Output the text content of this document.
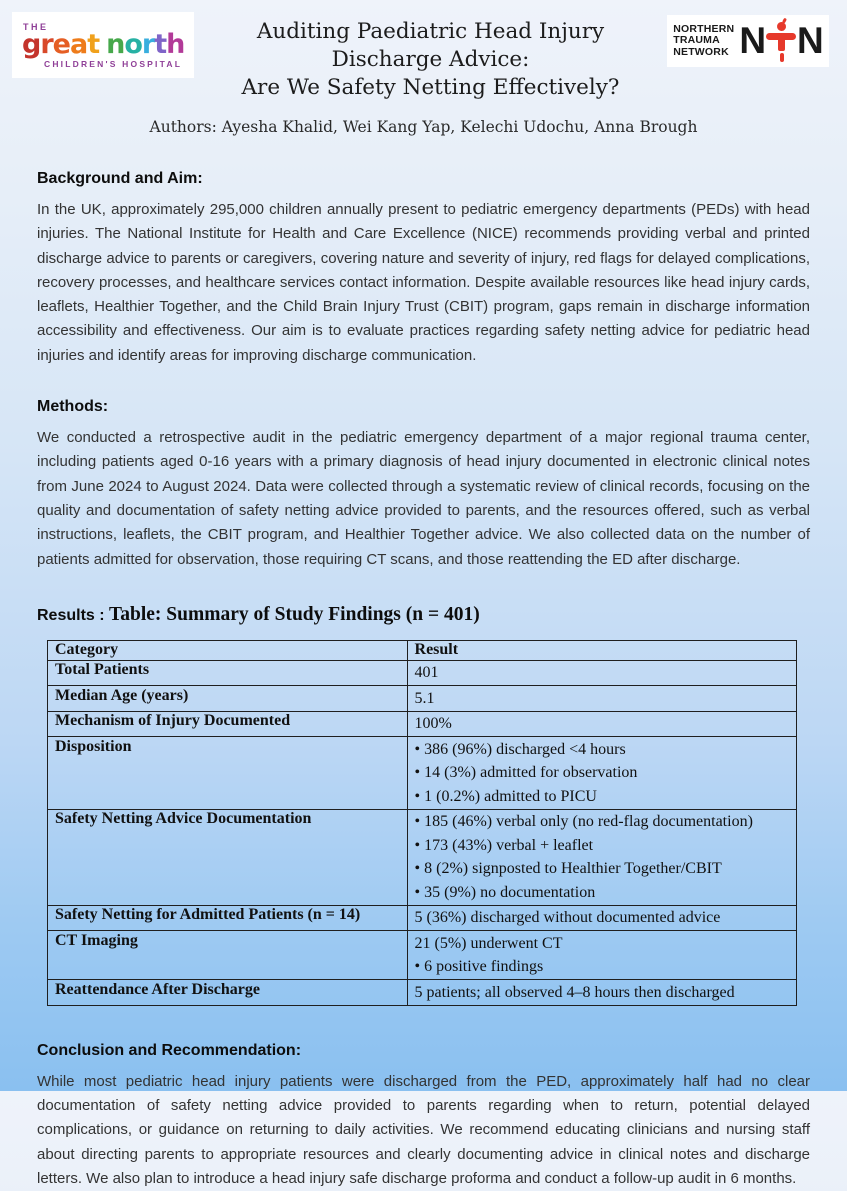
THE
great north
CHILDREN'S HOSPITAL
Auditing Paediatric Head Injury Discharge Advice:
Are We Safety Netting Effectively?
NORTHERN
TRAUMA
NETWORK N N
Authors: Ayesha Khalid, Wei Kang Yap, Kelechi Udochu, Anna Brough
Background and Aim:
In the UK, approximately 295,000 children annually present to pediatric emergency departments (PEDs) with head injuries. The National Institute for Health and Care Excellence (NICE) recommends providing verbal and printed discharge advice to parents or caregivers, covering nature and severity of injury, red flags for delayed complications, recovery processes, and healthcare services contact information. Despite available resources like head injury cards, leaflets, Healthier Together, and the Child Brain Injury Trust (CBIT) program, gaps remain in discharge information accessibility and effectiveness. Our aim is to evaluate practices regarding safety netting advice for pediatric head injuries and identify areas for improving discharge communication.
Methods:
We conducted a retrospective audit in the pediatric emergency department of a major regional trauma center, including patients aged 0-16 years with a primary diagnosis of head injury documented in electronic clinical notes from June 2024 to August 2024. Data were collected through a systematic review of clinical records, focusing on the quality and documentation of safety netting advice provided to parents, and the resources offered, such as verbal instructions, leaflets, the CBIT program, and Healthier Together advice. We also collected data on the number of patients admitted for observation, those requiring CT scans, and those reattending the ED after discharge.
Results : Table: Summary of Study Findings (n = 401)
Category	Result
Total Patients	401

Median Age (years)	5.1

Mechanism of Injury Documented	100%

Disposition	• 386 (96%) discharged <4 hours
• 14 (3%) admitted for observation
• 1 (0.2%) admitted to PICU

Safety Netting Advice Documentation	• 185 (46%) verbal only (no red-flag documentation)
• 173 (43%) verbal + leaflet
• 8 (2%) signposted to Healthier Together/CBIT
• 35 (9%) no documentation

Safety Netting for Admitted Patients (n = 14)	5 (36%) discharged without documented advice

CT Imaging	21 (5%) underwent CT
• 6 positive findings

Reattendance After Discharge	5 patients; all observed 4–8 hours then discharged
Conclusion and Recommendation:
While most pediatric head injury patients were discharged from the PED, approximately half had no clear documentation of safety netting advice provided to parents regarding when to return, potential delayed complications, or guidance on returning to daily activities. We recommend educating clinicians and nursing staff about directing parents to appropriate resources and clearly documenting advice in clinical notes and discharge letters. We also plan to introduce a head injury safe discharge proforma and conduct a follow-up audit in 6 months.
